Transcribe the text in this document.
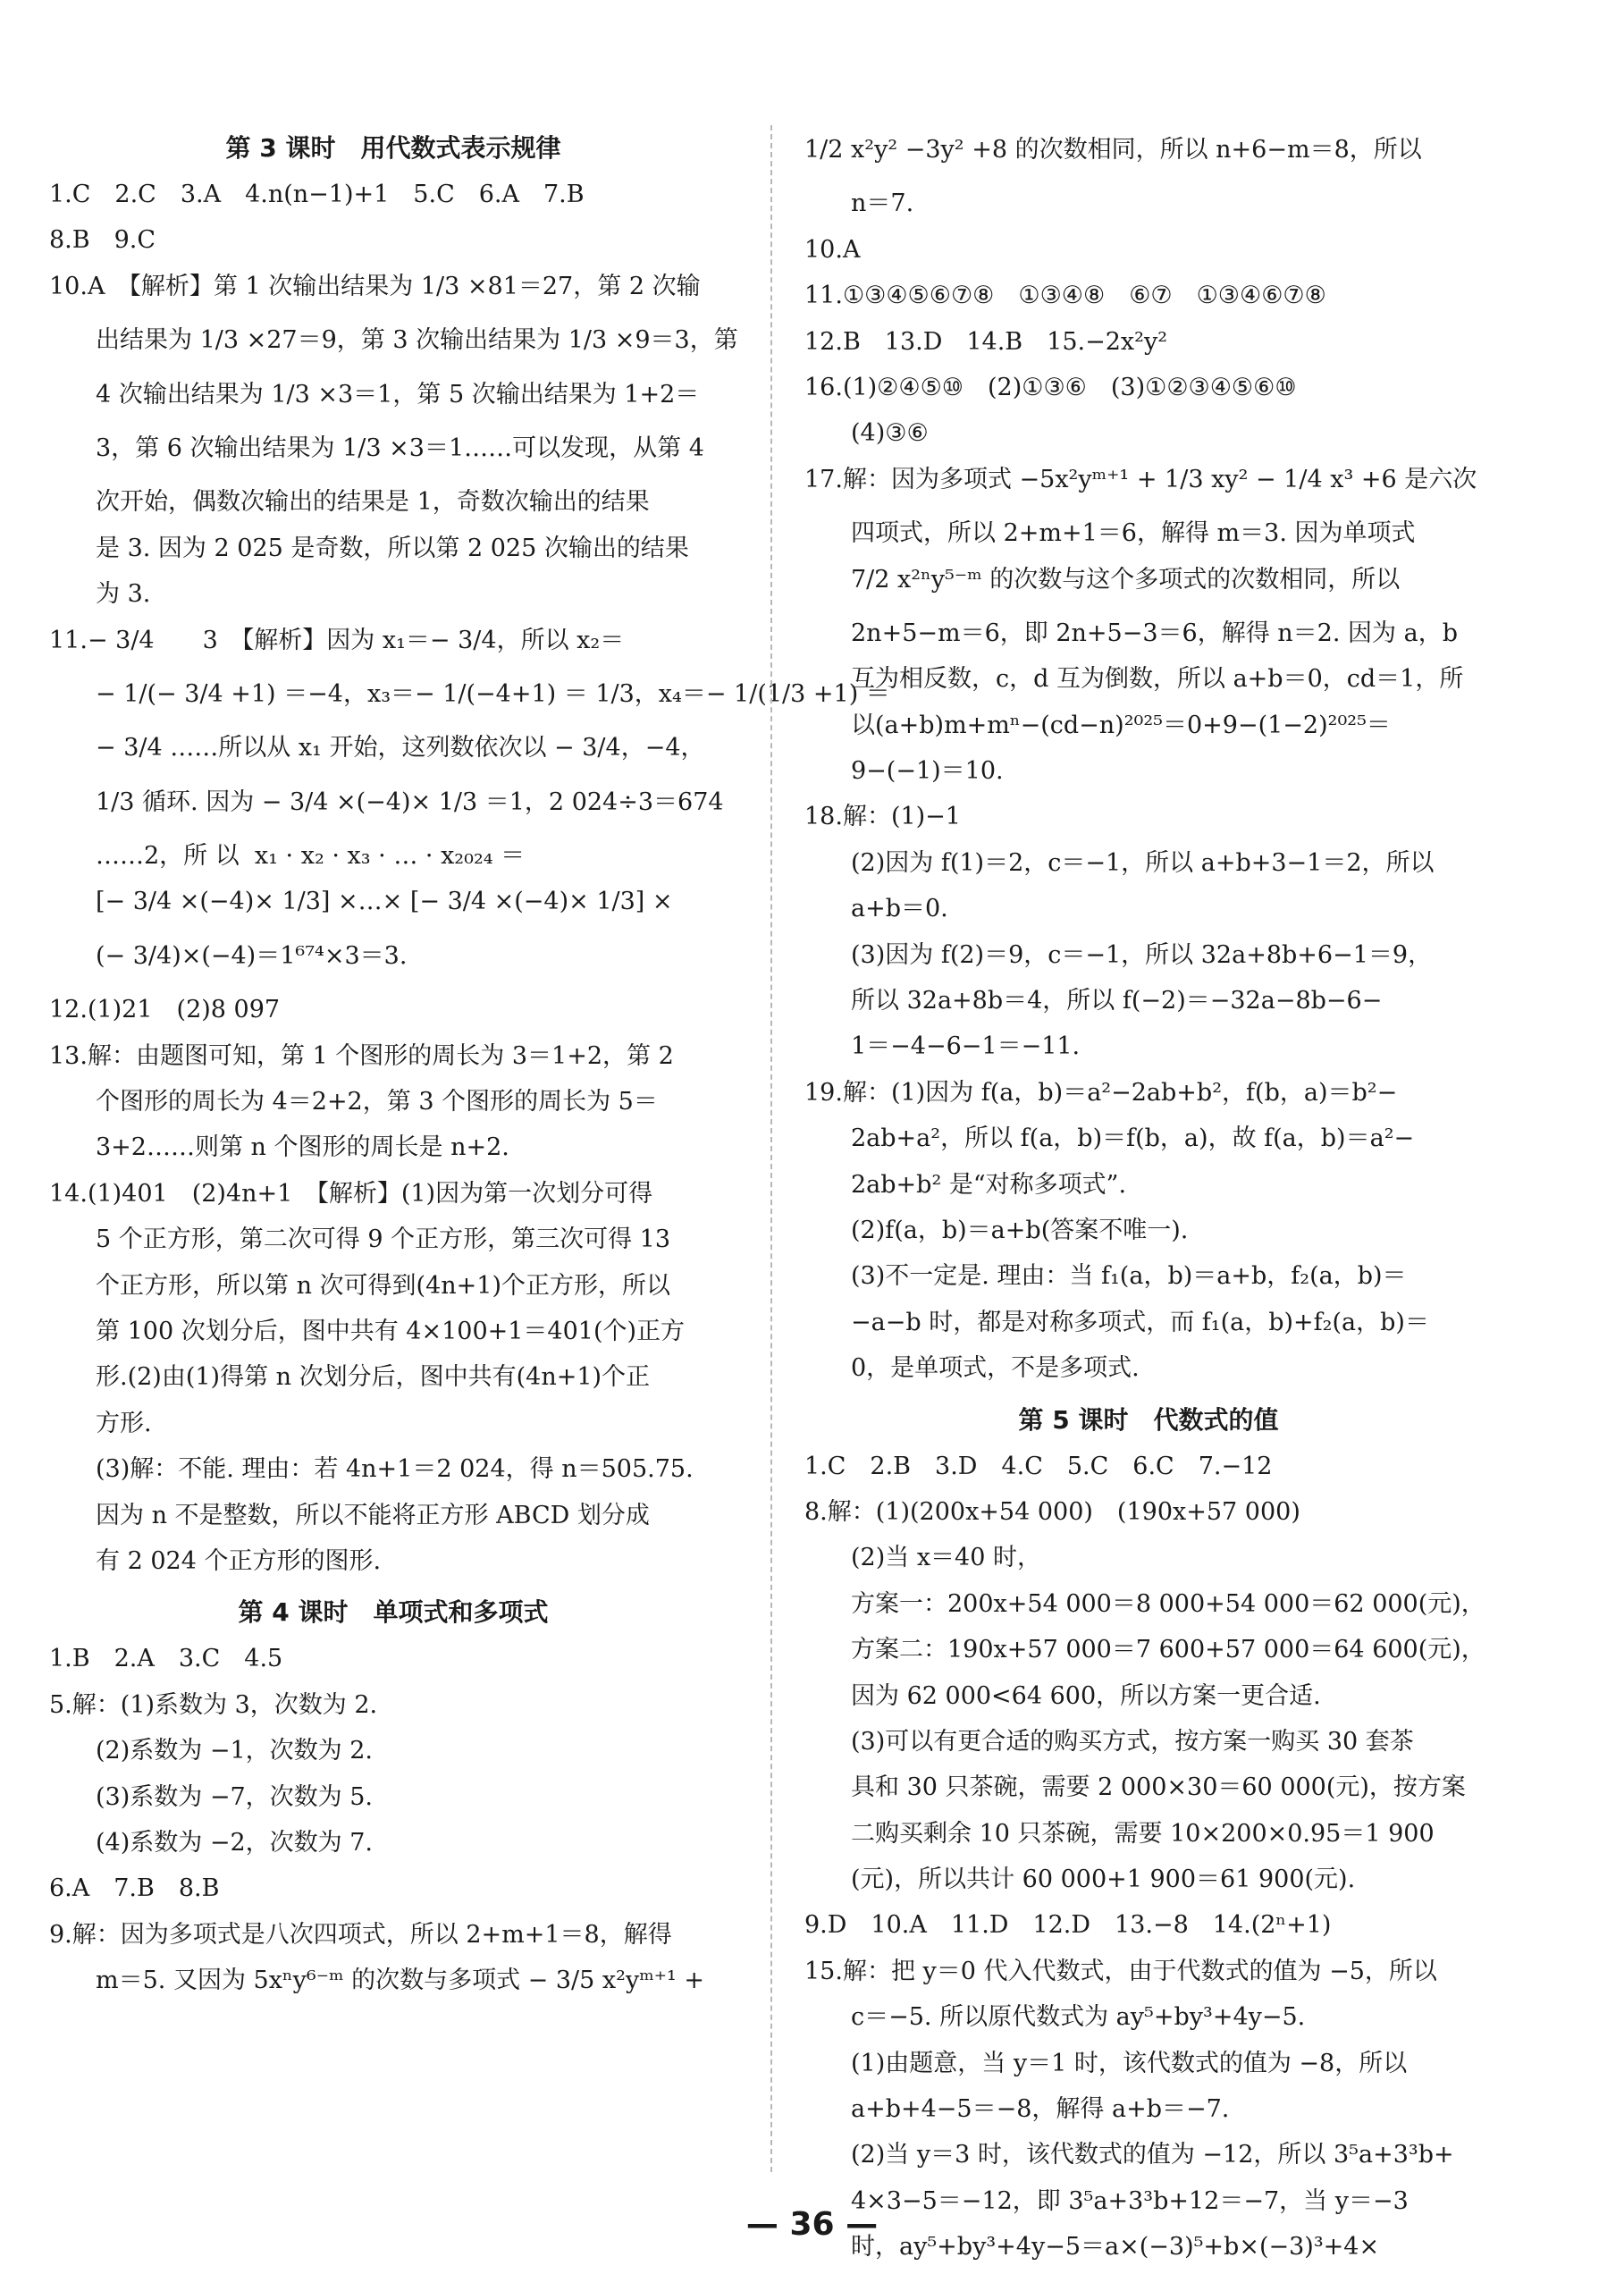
第 3 课时　用代数式表示规律
1.C　2.C　3.A　4.n(n−1)+1　5.C　6.A　7.B
8.B　9.C
10.A　【解析】第 1 次输出结果为 1/3 ×81＝27，第 2 次输
出结果为 1/3 ×27＝9，第 3 次输出结果为 1/3 ×9＝3，第
4 次输出结果为 1/3 ×3＝1，第 5 次输出结果为 1+2＝
3，第 6 次输出结果为 1/3 ×3＝1……可以发现，从第 4
次开始，偶数次输出的结果是 1，奇数次输出的结果
是 3. 因为 2 025 是奇数，所以第 2 025 次输出的结果
为 3.
11.− 3/4　　3　【解析】因为 x₁＝− 3/4，所以 x₂＝
− 1/(− 3/4 +1) ＝−4，x₃＝− 1/(−4+1) ＝ 1/3，x₄＝− 1/(1/3 +1) ＝
− 3/4 ……所以从 x₁ 开始，这列数依次以 − 3/4，−4，
1/3 循环. 因为 − 3/4 ×(−4)× 1/3 ＝1，2 024÷3＝674
……2，所 以  x₁ · x₂ · x₃ · … · x₂₀₂₄ ＝
[− 3/4 ×(−4)× 1/3] ×…× [− 3/4 ×(−4)× 1/3] ×
(− 3/4)×(−4)＝1⁶⁷⁴×3＝3.
12.(1)21　(2)8 097
13.解：由题图可知，第 1 个图形的周长为 3＝1+2，第 2
个图形的周长为 4＝2+2，第 3 个图形的周长为 5＝
3+2……则第 n 个图形的周长是 n+2.
14.(1)401　(2)4n+1　【解析】(1)因为第一次划分可得
5 个正方形，第二次可得 9 个正方形，第三次可得 13
个正方形，所以第 n 次可得到(4n+1)个正方形，所以
第 100 次划分后，图中共有 4×100+1＝401(个)正方
形.(2)由(1)得第 n 次划分后，图中共有(4n+1)个正
方形.
(3)解：不能. 理由：若 4n+1＝2 024，得 n＝505.75.
因为 n 不是整数，所以不能将正方形 ABCD 划分成
有 2 024 个正方形的图形.
第 4 课时　单项式和多项式
1.B　2.A　3.C　4.5
5.解：(1)系数为 3，次数为 2.
(2)系数为 −1，次数为 2.
(3)系数为 −7，次数为 5.
(4)系数为 −2，次数为 7.
6.A　7.B　8.B
9.解：因为多项式是八次四项式，所以 2+m+1＝8，解得
m＝5. 又因为 5xⁿy⁶⁻ᵐ 的次数与多项式 − 3/5 x²yᵐ⁺¹ +
1/2 x²y² −3y² +8 的次数相同，所以 n+6−m＝8，所以
n＝7.
10.A
11.①③④⑤⑥⑦⑧　①③④⑧　⑥⑦　①③④⑥⑦⑧
12.B　13.D　14.B　15.−2x²y²
16.(1)②④⑤⑩　(2)①③⑥　(3)①②③④⑤⑥⑩
(4)③⑥
17.解：因为多项式 −5x²yᵐ⁺¹ + 1/3 xy² − 1/4 x³ +6 是六次
四项式，所以 2+m+1＝6，解得 m＝3. 因为单项式
7/2 x²ⁿy⁵⁻ᵐ 的次数与这个多项式的次数相同，所以
2n+5−m＝6，即 2n+5−3＝6，解得 n＝2. 因为 a，b
互为相反数，c，d 互为倒数，所以 a+b＝0，cd＝1，所
以(a+b)m+mⁿ−(cd−n)²⁰²⁵＝0+9−(1−2)²⁰²⁵＝
9−(−1)＝10.
18.解：(1)−1
(2)因为 f(1)＝2，c＝−1，所以 a+b+3−1＝2，所以
a+b＝0.
(3)因为 f(2)＝9，c＝−1，所以 32a+8b+6−1＝9，
所以 32a+8b＝4，所以 f(−2)＝−32a−8b−6−
1＝−4−6−1＝−11.
19.解：(1)因为 f(a，b)＝a²−2ab+b²，f(b，a)＝b²−
2ab+a²，所以 f(a，b)＝f(b，a)，故 f(a，b)＝a²−
2ab+b² 是“对称多项式”.
(2)f(a，b)＝a+b(答案不唯一).
(3)不一定是. 理由：当 f₁(a，b)＝a+b，f₂(a，b)＝
−a−b 时，都是对称多项式，而 f₁(a，b)+f₂(a，b)＝
0，是单项式，不是多项式.
第 5 课时　代数式的值
1.C　2.B　3.D　4.C　5.C　6.C　7.−12
8.解：(1)(200x+54 000)　(190x+57 000)
(2)当 x＝40 时，
方案一：200x+54 000＝8 000+54 000＝62 000(元)，
方案二：190x+57 000＝7 600+57 000＝64 600(元)，
因为 62 000<64 600，所以方案一更合适.
(3)可以有更合适的购买方式，按方案一购买 30 套茶
具和 30 只茶碗，需要 2 000×30＝60 000(元)，按方案
二购买剩余 10 只茶碗，需要 10×200×0.95＝1 900
(元)，所以共计 60 000+1 900＝61 900(元).
9.D　10.A　11.D　12.D　13.−8　14.(2ⁿ+1)
15.解：把 y＝0 代入代数式，由于代数式的值为 −5，所以
c＝−5. 所以原代数式为 ay⁵+by³+4y−5.
(1)由题意，当 y＝1 时，该代数式的值为 −8，所以
a+b+4−5＝−8，解得 a+b＝−7.
(2)当 y＝3 时，该代数式的值为 −12，所以 3⁵a+3³b+
4×3−5＝−12，即 3⁵a+3³b+12＝−7，当 y＝−3
时，ay⁵+by³+4y−5＝a×(−3)⁵+b×(−3)³+4×
— 36 —
